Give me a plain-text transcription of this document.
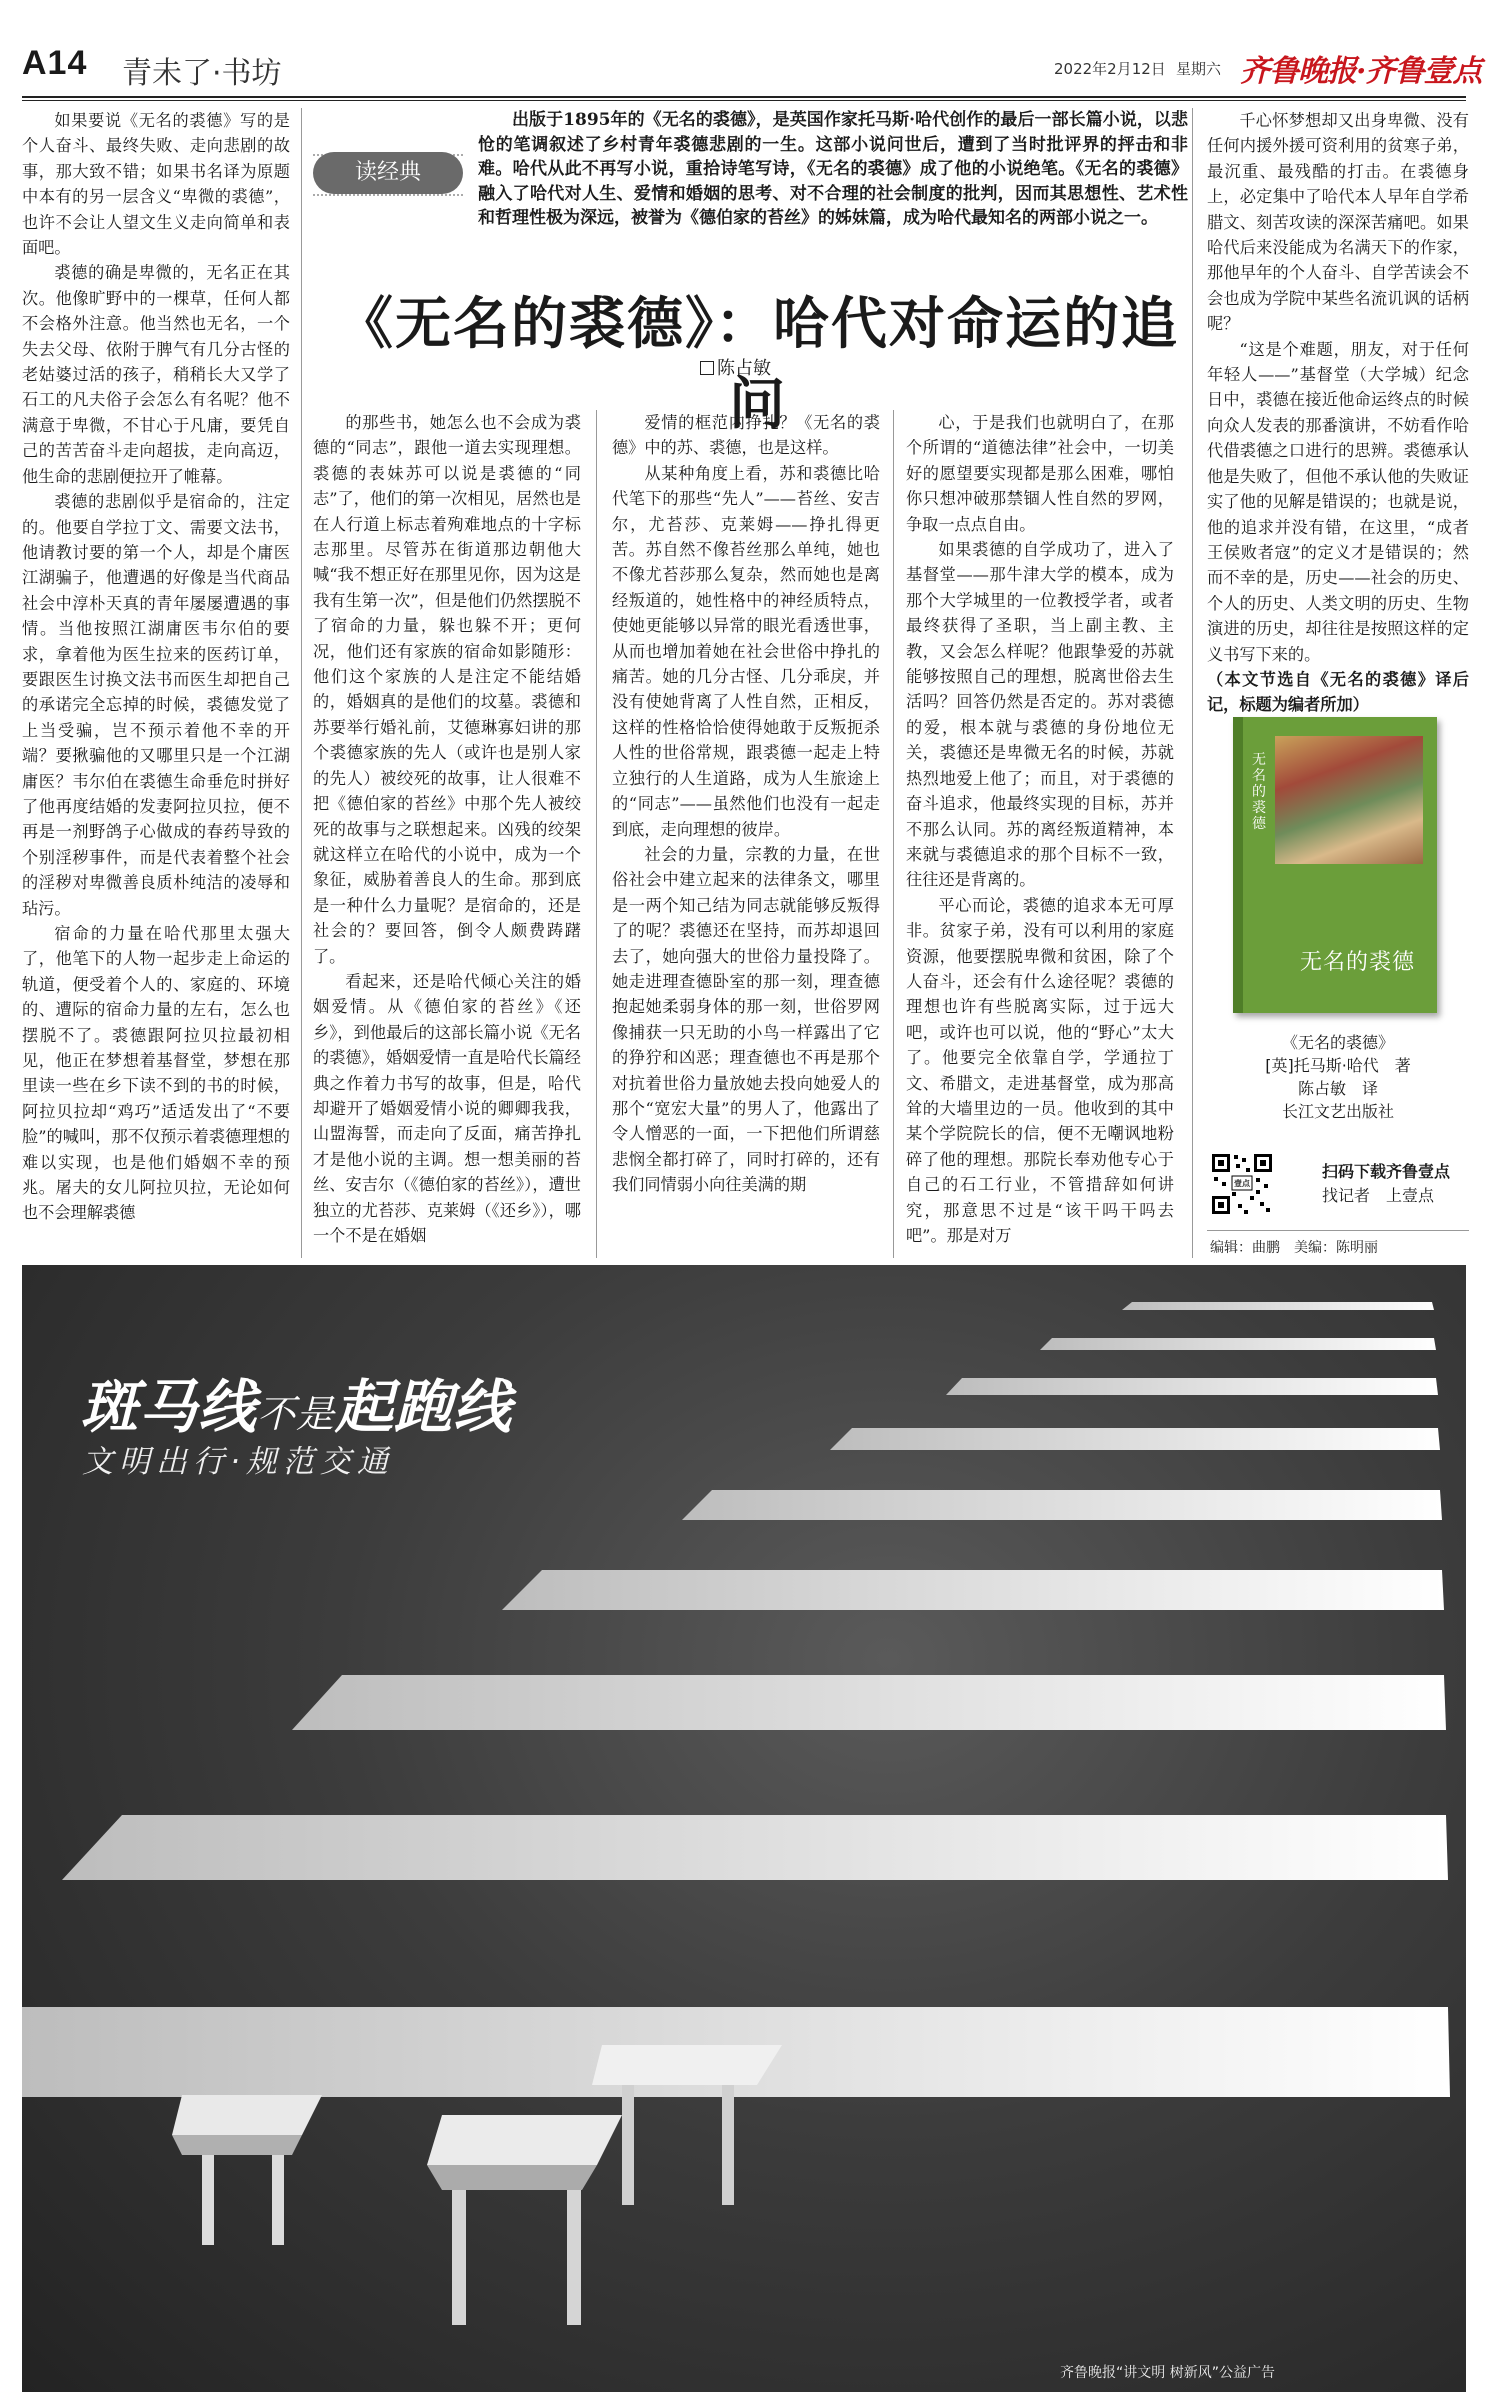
A14 青未了·书坊	2022年2月12日 星期六 齐鲁晚报·齐鲁壹点

如果要说《无名的裘德》写的是个人奋斗、最终失败、走向悲剧的故事，那大致不错；如果书名译为原题中本有的另一层含义“卑微的裘德”，也许不会让人望文生义走向简单和表面吧。

裘德的确是卑微的，无名正在其次。他像旷野中的一棵草，任何人都不会格外注意。他当然也无名，一个失去父母、依附于脾气有几分古怪的老姑婆过活的孩子，稍稍长大又学了石工的凡夫俗子会怎么有名呢？他不满意于卑微，不甘心于凡庸，要凭自己的苦苦奋斗走向超拔，走向高迈，他生命的悲剧便拉开了帷幕。

裘德的悲剧似乎是宿命的，注定的。他要自学拉丁文、需要文法书，他请教讨要的第一个人，却是个庸医江湖骗子，他遭遇的好像是当代商品社会中淳朴天真的青年屡屡遭遇的事情。当他按照江湖庸医韦尔伯的要求，拿着他为医生拉来的医药订单，要跟医生讨换文法书而医生却把自己的承诺完全忘掉的时候，裘德发觉了上当受骗，岂不预示着他不幸的开端？要揪骗他的又哪里只是一个江湖庸医？韦尔伯在裘德生命垂危时拼好了他再度结婚的发妻阿拉贝拉，便不再是一剂野鸽子心做成的春药导致的个别淫秽事件，而是代表着整个社会的淫秽对卑微善良质朴纯洁的凌辱和玷污。

宿命的力量在哈代那里太强大了，他笔下的人物一起步走上命运的轨道，便受着个人的、家庭的、环境的、遭际的宿命力量的左右，怎么也摆脱不了。裘德跟阿拉贝拉最初相见，他正在梦想着基督堂，梦想在那里读一些在乡下读不到的书的时候，阿拉贝拉却“鸡巧”适适发出了“不要脸”的喊叫，那不仅预示着裘德理想的难以实现，也是他们婚姻不幸的预兆。屠夫的女儿阿拉贝拉，无论如何也不会理解裘德

读经典

出版于1895年的《无名的裘德》，是英国作家托马斯·哈代创作的最后一部长篇小说，以悲怆的笔调叙述了乡村青年裘德悲剧的一生。这部小说问世后，遭到了当时批评界的抨击和非难。哈代从此不再写小说，重拾诗笔写诗，《无名的裘德》成了他的小说绝笔。《无名的裘德》融入了哈代对人生、爱情和婚姻的思考、对不合理的社会制度的批判，因而其思想性、艺术性和哲理性极为深远，被誉为《德伯家的苔丝》的姊妹篇，成为哈代最知名的两部小说之一。

《无名的裘德》：哈代对命运的追问
陈占敏

的那些书，她怎么也不会成为裘德的“同志”，跟他一道去实现理想。裘德的表妹苏可以说是裘德的“同志”了，他们的第一次相见，居然也是在人行道上标志着殉难地点的十字标志那里。尽管苏在街道那边朝他大喊“我不想正好在那里见你，因为这是我有生第一次”，但是他们仍然摆脱不了宿命的力量，躲也躲不开；更何况，他们还有家族的宿命如影随形：他们这个家族的人是注定不能结婚的，婚姻真的是他们的坟墓。裘德和苏要举行婚礼前，艾德琳寡妇讲的那个裘德家族的先人（或许也是别人家的先人）被绞死的故事，让人很难不把《德伯家的苔丝》中那个先人被绞死的故事与之联想起来。凶残的绞架就这样立在哈代的小说中，成为一个象征，威胁着善良人的生命。那到底是一种什么力量呢？是宿命的，还是社会的？要回答，倒令人颇费踌躇了。

看起来，还是哈代倾心关注的婚姻爱情。从《德伯家的苔丝》《还乡》，到他最后的这部长篇小说《无名的裘德》，婚姻爱情一直是哈代长篇经典之作着力书写的故事，但是，哈代却避开了婚姻爱情小说的卿卿我我，山盟海誓，而走向了反面，痛苦挣扎才是他小说的主调。想一想美丽的苔丝、安吉尔（《德伯家的苔丝》），遭世独立的尤苔莎、克莱姆（《还乡》），哪一个不是在婚姻

爱情的框范内挣扎？《无名的裘德》中的苏、裘德，也是这样。

从某种角度上看，苏和裘德比哈代笔下的那些“先人”——苔丝、安吉尔，尤苔莎、克莱姆——挣扎得更苦。苏自然不像苔丝那么单纯，她也不像尤苔莎那么复杂，然而她也是离经叛道的，她性格中的神经质特点，使她更能够以异常的眼光看透世事，从而也增加着她在社会世俗中挣扎的痛苦。她的几分古怪、几分乖戾，并没有使她背离了人性自然，正相反，这样的性格恰恰使得她敢于反叛扼杀人性的世俗常规，跟裘德一起走上特立独行的人生道路，成为人生旅途上的“同志”——虽然他们也没有一起走到底，走向理想的彼岸。

社会的力量，宗教的力量，在世俗社会中建立起来的法律条文，哪里是一两个知己结为同志就能够反叛得了的呢？裘德还在坚持，而苏却退回去了，她向强大的世俗力量投降了。她走进理查德卧室的那一刻，理查德抱起她柔弱身体的那一刻，世俗罗网像捕获一只无助的小鸟一样露出了它的狰狞和凶恶；理查德也不再是那个对抗着世俗力量放她去投向她爱人的那个“宽宏大量”的男人了，他露出了令人憎恶的一面，一下把他们所谓慈悲悯全都打碎了，同时打碎的，还有我们同情弱小向往美满的期

心，于是我们也就明白了，在那个所谓的“道德法律”社会中，一切美好的愿望要实现都是那么困难，哪怕你只想冲破那禁锢人性自然的罗网，争取一点点自由。

如果裘德的自学成功了，进入了基督堂——那牛津大学的模本，成为那个大学城里的一位教授学者，或者最终获得了圣职，当上副主教、主教，又会怎么样呢？他跟挚爱的苏就能够按照自己的理想，脱离世俗去生活吗？回答仍然是否定的。苏对裘德的爱，根本就与裘德的身份地位无关，裘德还是卑微无名的时候，苏就热烈地爱上他了；而且，对于裘德的奋斗追求，他最终实现的目标，苏并不那么认同。苏的离经叛道精神，本来就与裘德追求的那个目标不一致，往往还是背离的。

平心而论，裘德的追求本无可厚非。贫家子弟，没有可以利用的家庭资源，他要摆脱卑微和贫困，除了个人奋斗，还会有什么途径呢？裘德的理想也许有些脱离实际，过于远大吧，或许也可以说，他的“野心”太大了。他要完全依靠自学，学通拉丁文、希腊文，走进基督堂，成为那高耸的大墙里边的一员。他收到的其中某个学院院长的信，便不无嘲讽地粉碎了他的理想。那院长奉劝他专心于自己的石工行业，不管措辞如何讲究，那意思不过是“该干吗干吗去吧”。那是对万

千心怀梦想却又出身卑微、没有任何内援外援可资利用的贫寒子弟，最沉重、最残酷的打击。在裘德身上，必定集中了哈代本人早年自学希腊文、刻苦攻读的深深苦痛吧。如果哈代后来没能成为名满天下的作家，那他早年的个人奋斗、自学苦读会不会也成为学院中某些名流讥讽的话柄呢？

“这是个难题，朋友，对于任何年轻人——”基督堂（大学城）纪念日中，裘德在接近他命运终点的时候向众人发表的那番演讲，不妨看作哈代借裘德之口进行的思辨。裘德承认他是失败了，但他不承认他的失败证实了他的见解是错误的；也就是说，他的追求并没有错，在这里，“成者王侯败者寇”的定义才是错误的；然而不幸的是，历史——社会的历史、个人的历史、人类文明的历史、生物演进的历史，却往往是按照这样的定义书写下来的。

（本文节选自《无名的裘德》译后记，标题为编者所加）

无名的裘德
无名的裘德
《无名的裘德》
[英]托马斯·哈代　著
陈占敏　译
长江文艺出版社
壹点
扫码下载齐鲁壹点
找记者　上壹点
编辑：曲鹏　美编：陈明丽
斑马线不是起跑线
文明出行·规范交通
齐鲁晚报“讲文明 树新风”公益广告
